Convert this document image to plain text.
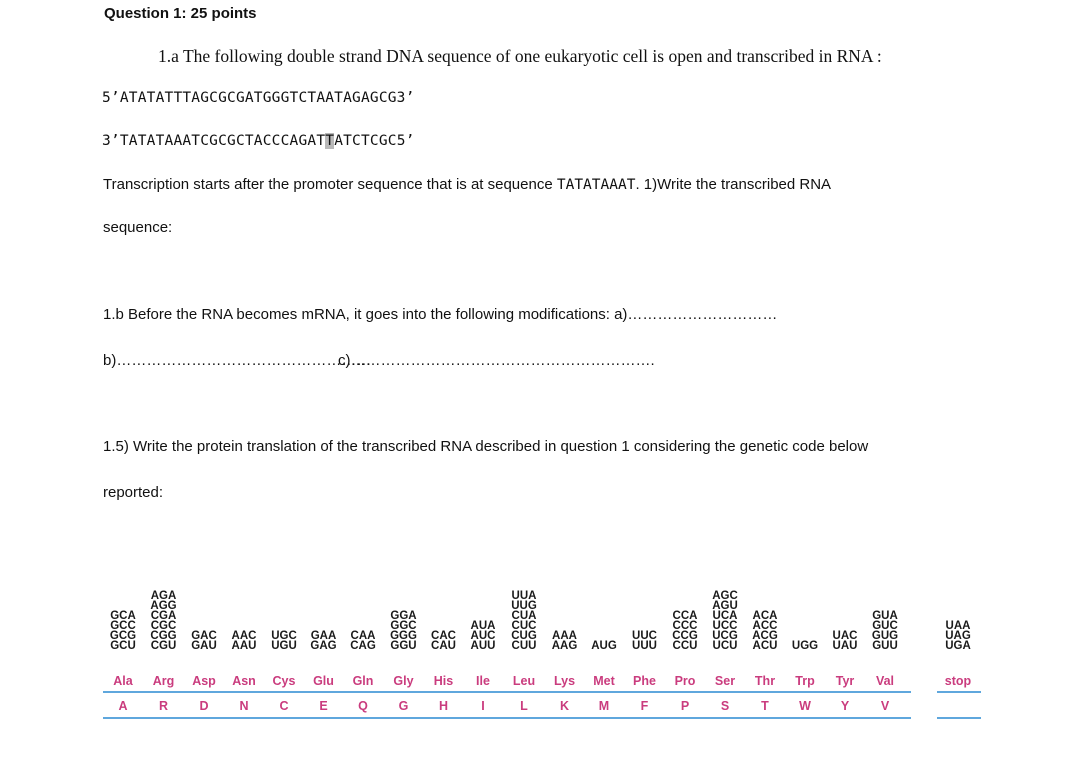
Question 1: 25 points
1.a The following double strand DNA sequence of one eukaryotic cell is open and transcribed in RNA :
5’ATATATTTAGCGCGATGGGTCTAATAGAGCG3’
3’TATATAAATCGCGCTACCCAGATTATCTCGC5’
Transcription starts after the promoter sequence that is at sequence TATATAAAT. 1)Write the transcribed RNA
sequence:
1.b Before the RNA becomes mRNA, it goes into the following modifications: a)…………………………
b)……………………………………………
c)…………………………………………………….
1.5) Write the protein translation of the transcribed RNA described in question 1 considering the genetic code below
reported:
GCA
GCC
GCG
GCU
Ala
A
AGA
AGG
CGA
CGC
CGG
CGU
Arg
R
GAC
GAU
Asp
D
AAC
AAU
Asn
N
UGC
UGU
Cys
C
GAA
GAG
Glu
E
CAA
CAG
Gln
Q
GGA
GGC
GGG
GGU
Gly
G
CAC
CAU
His
H
AUA
AUC
AUU
Ile
I
UUA
UUG
CUA
CUC
CUG
CUU
Leu
L
AAA
AAG
Lys
K
AUG
Met
M
UUC
UUU
Phe
F
CCA
CCC
CCG
CCU
Pro
P
AGC
AGU
UCA
UCC
UCG
UCU
Ser
S
ACA
ACC
ACG
ACU
Thr
T
UGG
Trp
W
UAC
UAU
Tyr
Y
GUA
GUC
GUG
GUU
Val
V
UAA
UAG
UGA
stop
